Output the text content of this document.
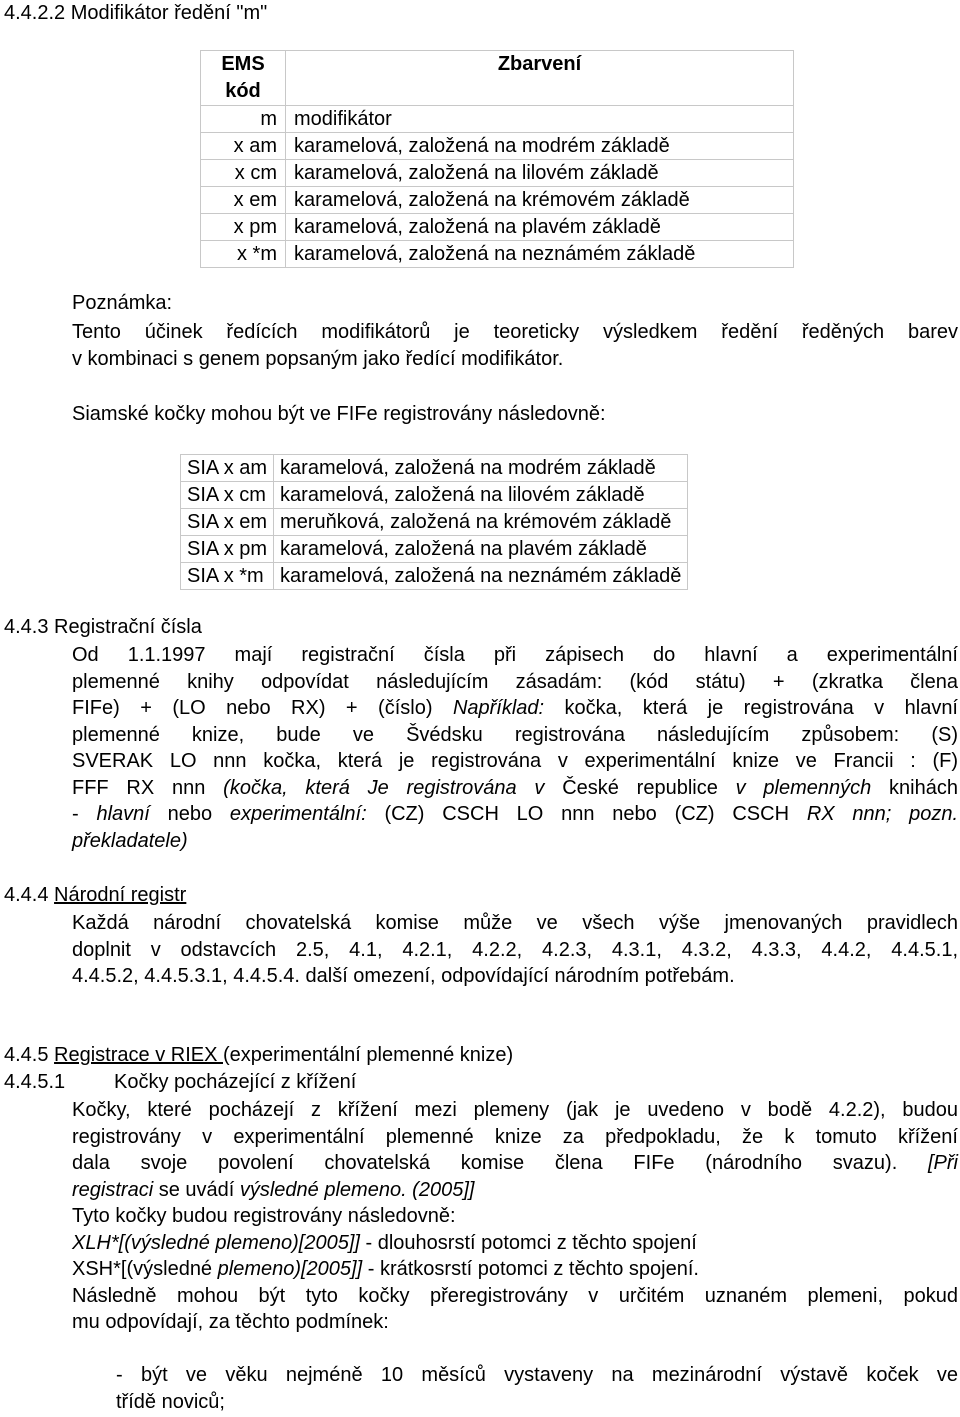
4.4.2.2 Modifikátor ředění "m"
EMS
kód	Zbarvení
m	modifikátor
x am	karamelová, založená na modrém základě
x cm	karamelová, založená na lilovém základě
x em	karamelová, založená na krémovém základě
x pm	karamelová, založená na plavém základě
x *m	karamelová, založená na neznámém základě
Poznámka:
Tento účinek ředících modifikátorů je teoreticky výsledkem ředění ředěných barev
v kombinaci s genem popsaným jako ředící modifikátor.
Siamské kočky mohou být ve FIFe registrovány následovně:
SIA x am	karamelová, založená na modrém základě
SIA x cm	karamelová, založená na lilovém základě
SIA x em	meruňková, založená na krémovém základě
SIA x pm	karamelová, založená na plavém základě
SIA x *m	karamelová, založená na neznámém základě
4.4.3 Registrační čísla
Od 1.1.1997 mají registrační čísla při zápisech do hlavní a experimentální
plemenné knihy odpovídat následujícím zásadám: (kód státu) + (zkratka člena
FIFe) + (LO nebo RX) + (číslo) Například: kočka, která je registrována v hlavní
plemenné knize, bude ve Švédsku registrována následujícím způsobem: (S)
SVERAK LO nnn kočka, která je registrována v experimentální knize ve Francii : (F)
FFF RX nnn (kočka, která Je registrována v České republice v plemenných knihách
- hlavní nebo experimentální: (CZ) CSCH LO nnn nebo (CZ) CSCH RX nnn; pozn.
překladatele)
4.4.4 Národní registr
Každá národní chovatelská komise může ve všech výše jmenovaných pravidlech
doplnit v odstavcích 2.5, 4.1, 4.2.1, 4.2.2, 4.2.3, 4.3.1, 4.3.2, 4.3.3, 4.4.2, 4.4.5.1,
4.4.5.2, 4.4.5.3.1, 4.4.5.4. další omezení, odpovídající národním potřebám.
4.4.5 Registrace v RIEX (experimentální plemenné knize)
4.4.5.1 Kočky pocházející z křížení
Kočky, které pocházejí z křížení mezi plemeny (jak je uvedeno v bodě 4.2.2), budou
registrovány v experimentální plemenné knize za předpokladu, že k tomuto křížení
dala svoje povolení chovatelská komise člena FIFe (národního svazu). [Při
registraci se uvádí výsledné plemeno. (2005]]
Tyto kočky budou registrovány následovně:
XLH*[(výsledné plemeno)[2005]] - dlouhosrstí potomci z těchto spojení
XSH*[(výsledné plemeno)[2005]] - krátkosrstí potomci z těchto spojení.
Následně mohou být tyto kočky přeregistrovány v určitém uznaném plemeni, pokud
mu odpovídají, za těchto podmínek:
- být ve věku nejméně 10 měsíců vystaveny na mezinárodní výstavě koček ve
třídě noviců;
